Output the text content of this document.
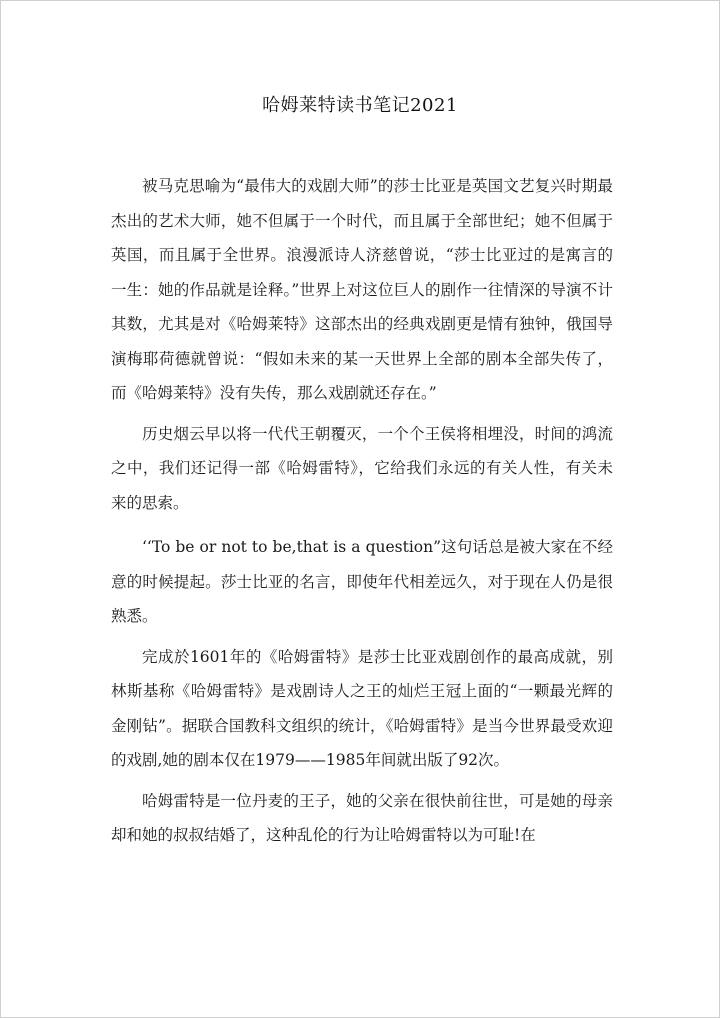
哈姆莱特读书笔记2021

被马克思喻为“最伟大的戏剧大师”的莎士比亚是英国文艺复兴时期最杰出的艺术大师，她不但属于一个时代，而且属于全部世纪；她不但属于英国，而且属于全世界。浪漫派诗人济慈曾说，“莎士比亚过的是寓言的一生：她的作品就是诠释。”世界上对这位巨人的剧作一往情深的导演不计其数，尤其是对《哈姆莱特》这部杰出的经典戏剧更是情有独钟，俄国导演梅耶荷德就曾说：“假如未来的某一天世界上全部的剧本全部失传了，而《哈姆莱特》没有失传，那么戏剧就还存在。”

历史烟云早以将一代代王朝覆灭，一个个王侯将相埋没，时间的鸿流之中，我们还记得一部《哈姆雷特》，它给我们永远的有关人性，有关未来的思索。

‘‘To be or not to be,that is a question”这句话总是被大家在不经意的时候提起。莎士比亚的名言，即使年代相差远久，对于现在人仍是很熟悉。

完成於1601年的《哈姆雷特》是莎士比亚戏剧创作的最高成就，别林斯基称《哈姆雷特》是戏剧诗人之王的灿烂王冠上面的“一颗最光辉的金刚钻”。据联合国教科文组织的统计，《哈姆雷特》是当今世界最受欢迎的戏剧,她的剧本仅在1979——1985年间就出版了92次。

哈姆雷特是一位丹麦的王子，她的父亲在很快前往世，可是她的母亲却和她的叔叔结婚了，这种乱伦的行为让哈姆雷特以为可耻!在
